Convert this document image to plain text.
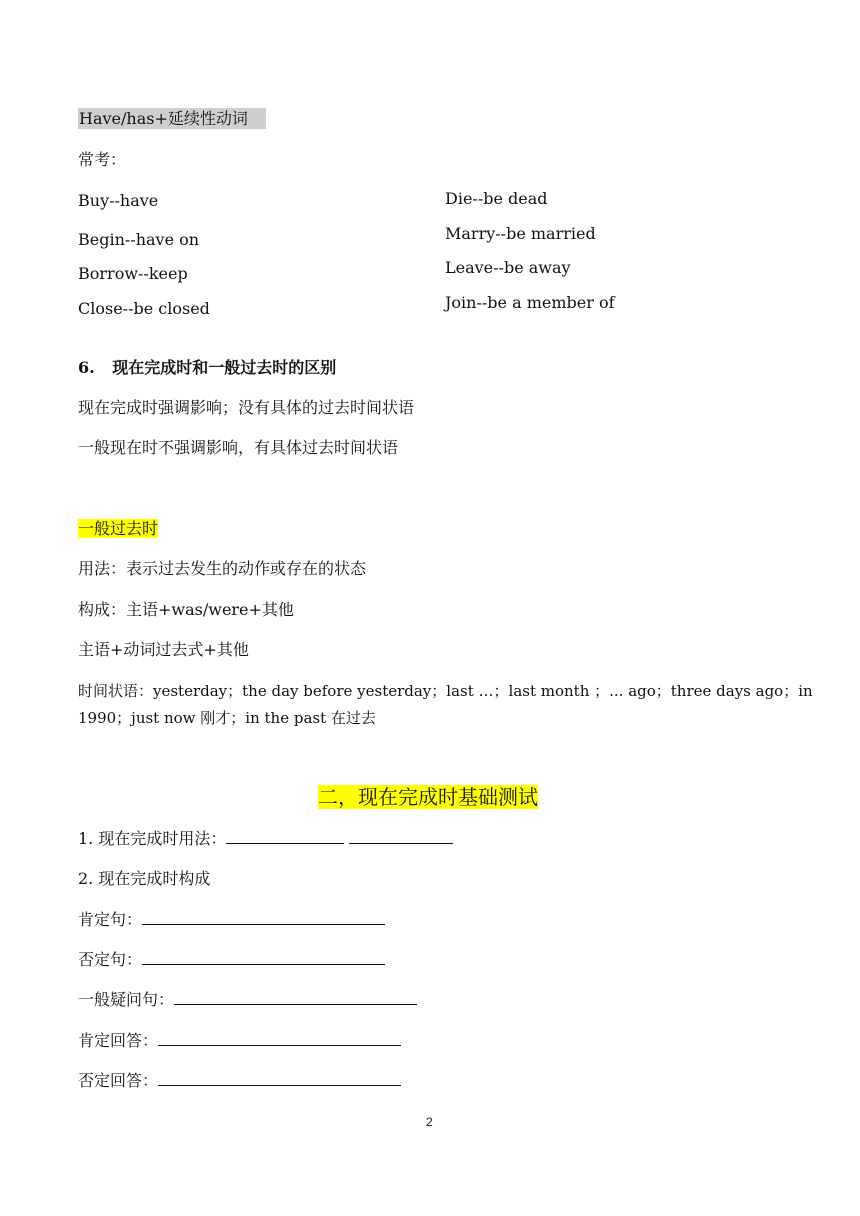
Have/has+延续性动词
常考：
Buy--have
Begin--have on
Borrow--keep
Close--be closed
Die--be dead
Marry--be married
Leave--be away
Join--be a member of
6. 现在完成时和一般过去时的区别
现在完成时强调影响；没有具体的过去时间状语
一般现在时不强调影响，有具体过去时间状语
一般过去时
用法：表示过去发生的动作或存在的状态
构成：主语+was/were+其他
主语+动词过去式+其他
时间状语：yesterday；the day before yesterday；last …；last month ；... ago；three days ago；in
1990；just now 刚才；in the past 在过去
二，现在完成时基础测试
1. 现在完成时用法：
2. 现在完成时构成
肯定句：
否定句：
一般疑问句：
肯定回答：
否定回答：
2
